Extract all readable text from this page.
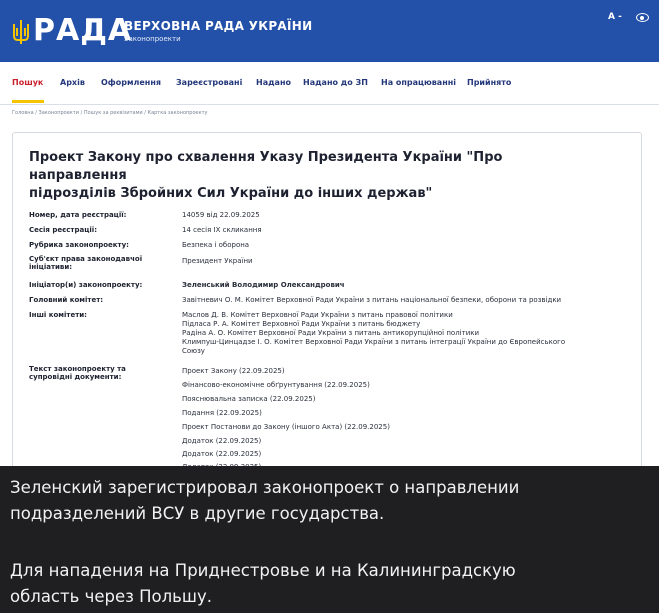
РАДА
ВЕРХОВНА РАДА УКРАЇНИ
Законопроекти
A -
Пошук Архів Оформлення Зареєстровані Надано Надано до ЗП На опрацюванні Прийнято
Головна / Законопроекти / Пошук за реквізитами / Картка законопроекту
Проект Закону про схвалення Указу Президента України "Про направлення
підрозділів Збройних Сил України до інших держав"
Номер, дата реєстрації:	14059 від 22.09.2025
Сесія реєстрації:	14 сесія IX скликання
Рубрика законопроекту:	Безпека і оборона
Суб'єкт права законодавчої
ініціативи:
Президент України
Ініціатор(и) законопроекту:	Зеленський Володимир Олександрович
Головний комітет:	Завітневич О. М. Комітет Верховної Ради України з питань національної безпеки, оборони та розвідки
Інші комітети:	Маслов Д. В. Комітет Верховної Ради України з питань правової політики
Підласа Р. А. Комітет Верховної Ради України з питань бюджету
Радіна А. О. Комітет Верховної Ради України з питань антикорупційної політики
Климпуш-Цинцадзе І. О. Комітет Верховної Ради України з питань інтеграції України до Європейського
Союзу
Текст законопроекту та
супровідні документи:
Проект Закону (22.09.2025)
Фінансово-економічне обґрунтування (22.09.2025)
Пояснювальна записка (22.09.2025)
Подання (22.09.2025)
Проект Постанови до Закону (іншого Акта) (22.09.2025)
Додаток (22.09.2025)
Додаток (22.09.2025)
Зеленский зарегистрировал законопроект о направлении
подразделений ВСУ в другие государства.
Для нападения на Приднестровье и на Калининградскую
область через Польшу.
